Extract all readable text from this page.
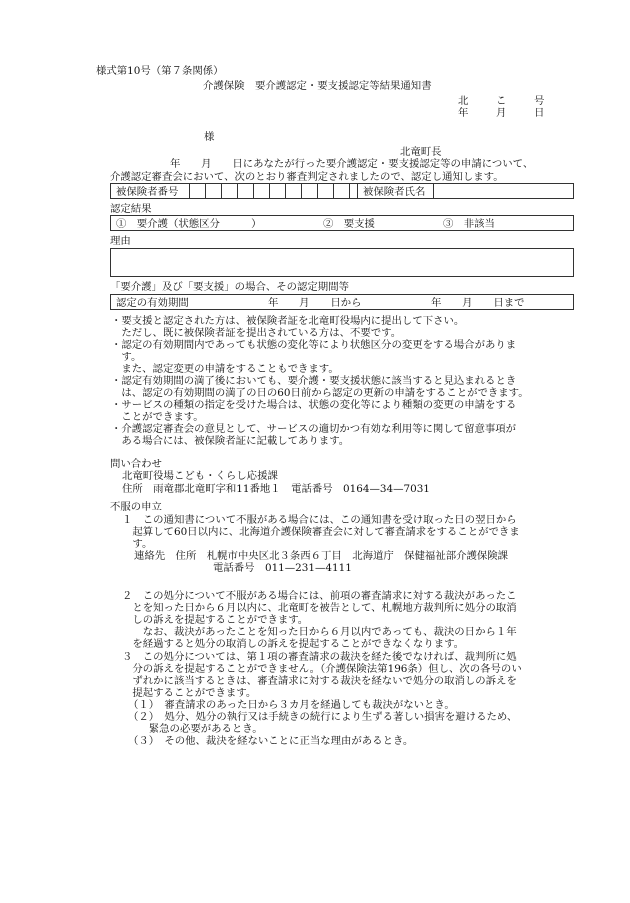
様式第10号（第７条関係）
介護保険　要介護認定・要支援認定等結果通知書
北	こ	号
年	月	日
様
北竜町長
年　　月　　日にあなたが行った要介護認定・要支援認定等の申請について、
介護認定審査会において、次のとおり審査判定されましたので、認定し通知します。
被保険者番号	被保険者氏名
認定結果
①　要介護（状態区分　　　）	②　要支援	③　非該当
理由
「要介護」及び「要支援」の場合、その認定期間等
認定の有効期間	年　　月　　日から	年　　月　　日まで
・要支援と認定された方は、被保険者証を北竜町役場内に提出して下さい。
　ただし、既に被保険者証を提出されている方は、不要です。
・認定の有効期間内であっても状態の変化等により状態区分の変更をする場合がありま
　す。
　また、認定変更の申請をすることもできます。
・認定有効期間の満了後においても、要介護・要支援状態に該当すると見込まれるとき
　は、認定の有効期間の満了の日の60日前から認定の更新の申請をすることができます。
・サービスの種類の指定を受けた場合は、状態の変化等により種類の変更の申請をする
　ことができます。
・介護認定審査会の意見として、サービスの適切かつ有効な利用等に関して留意事項が
　ある場合には、被保険者証に記載してあります。
問い合わせ
北竜町役場こども・くらし応援課
住所　雨竜郡北竜町字和11番地１　電話番号　0164—34—7031
不服の申立
１　この通知書について不服がある場合には、この通知書を受け取った日の翌日から
　起算して60日以内に、北海道介護保険審査会に対して審査請求をすることができま
　す。
連絡先　住所　札幌市中央区北３条西６丁目　北海道庁　保健福祉部介護保険課
電話番号　011—231—4111
２　この処分について不服がある場合には、前項の審査請求に対する裁決があったこ
　とを知った日から６月以内に、北竜町を被告として、札幌地方裁判所に処分の取消
　しの訴えを提起することができます。
　　なお、裁決があったことを知った日から６月以内であっても、裁決の日から１年
　を経過すると処分の取消しの訴えを提起することができなくなります。
３　この処分については、第１項の審査請求の裁決を経た後でなければ、裁判所に処
　分の訴えを提起することができません。（介護保険法第196条）但し、次の各号のい
　ずれかに該当するときは、審査請求に対する裁決を経ないで処分の取消しの訴えを
　提起することができます。
（１）　審査請求のあった日から３カ月を経過しても裁決がないとき。
（２）　処分、処分の執行又は手続きの続行により生ずる著しい損害を避けるため、
　　緊急の必要があるとき。
（３）　その他、裁決を経ないことに正当な理由があるとき。
